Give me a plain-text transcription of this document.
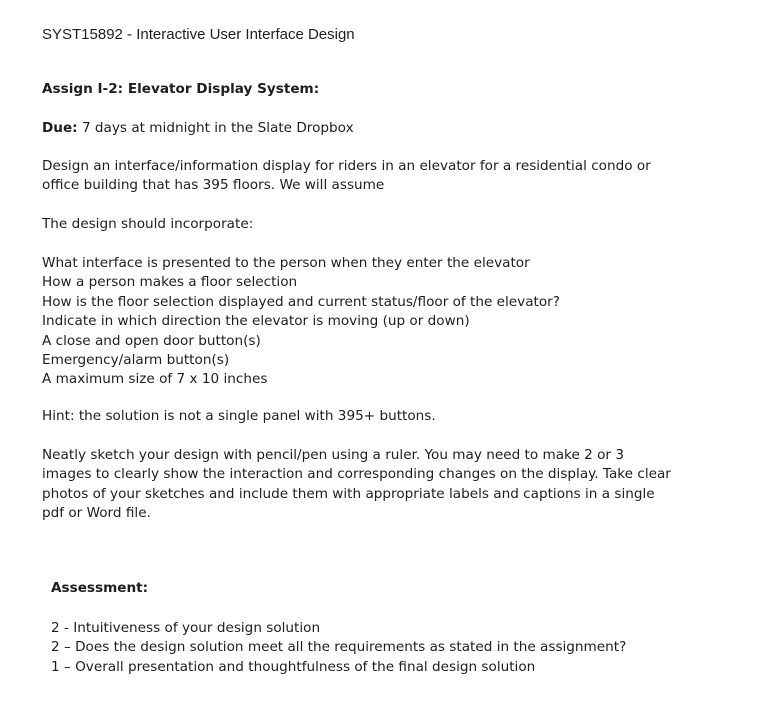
SYST15892 - Interactive User Interface Design
Assign I-2: Elevator Display System:
Due: 7 days at midnight in the Slate Dropbox
Design an interface/information display for riders in an elevator for a residential condo or
office building that has 395 floors. We will assume
The design should incorporate:
What interface is presented to the person when they enter the elevator
How a person makes a floor selection
How is the floor selection displayed and current status/floor of the elevator?
Indicate in which direction the elevator is moving (up or down)
A close and open door button(s)
Emergency/alarm button(s)
A maximum size of 7 x 10 inches
Hint: the solution is not a single panel with 395+ buttons.
Neatly sketch your design with pencil/pen using a ruler. You may need to make 2 or 3
images to clearly show the interaction and corresponding changes on the display. Take clear
photos of your sketches and include them with appropriate labels and captions in a single
pdf or Word file.
Assessment:
2 - Intuitiveness of your design solution
2 – Does the design solution meet all the requirements as stated in the assignment?
1 – Overall presentation and thoughtfulness of the final design solution
